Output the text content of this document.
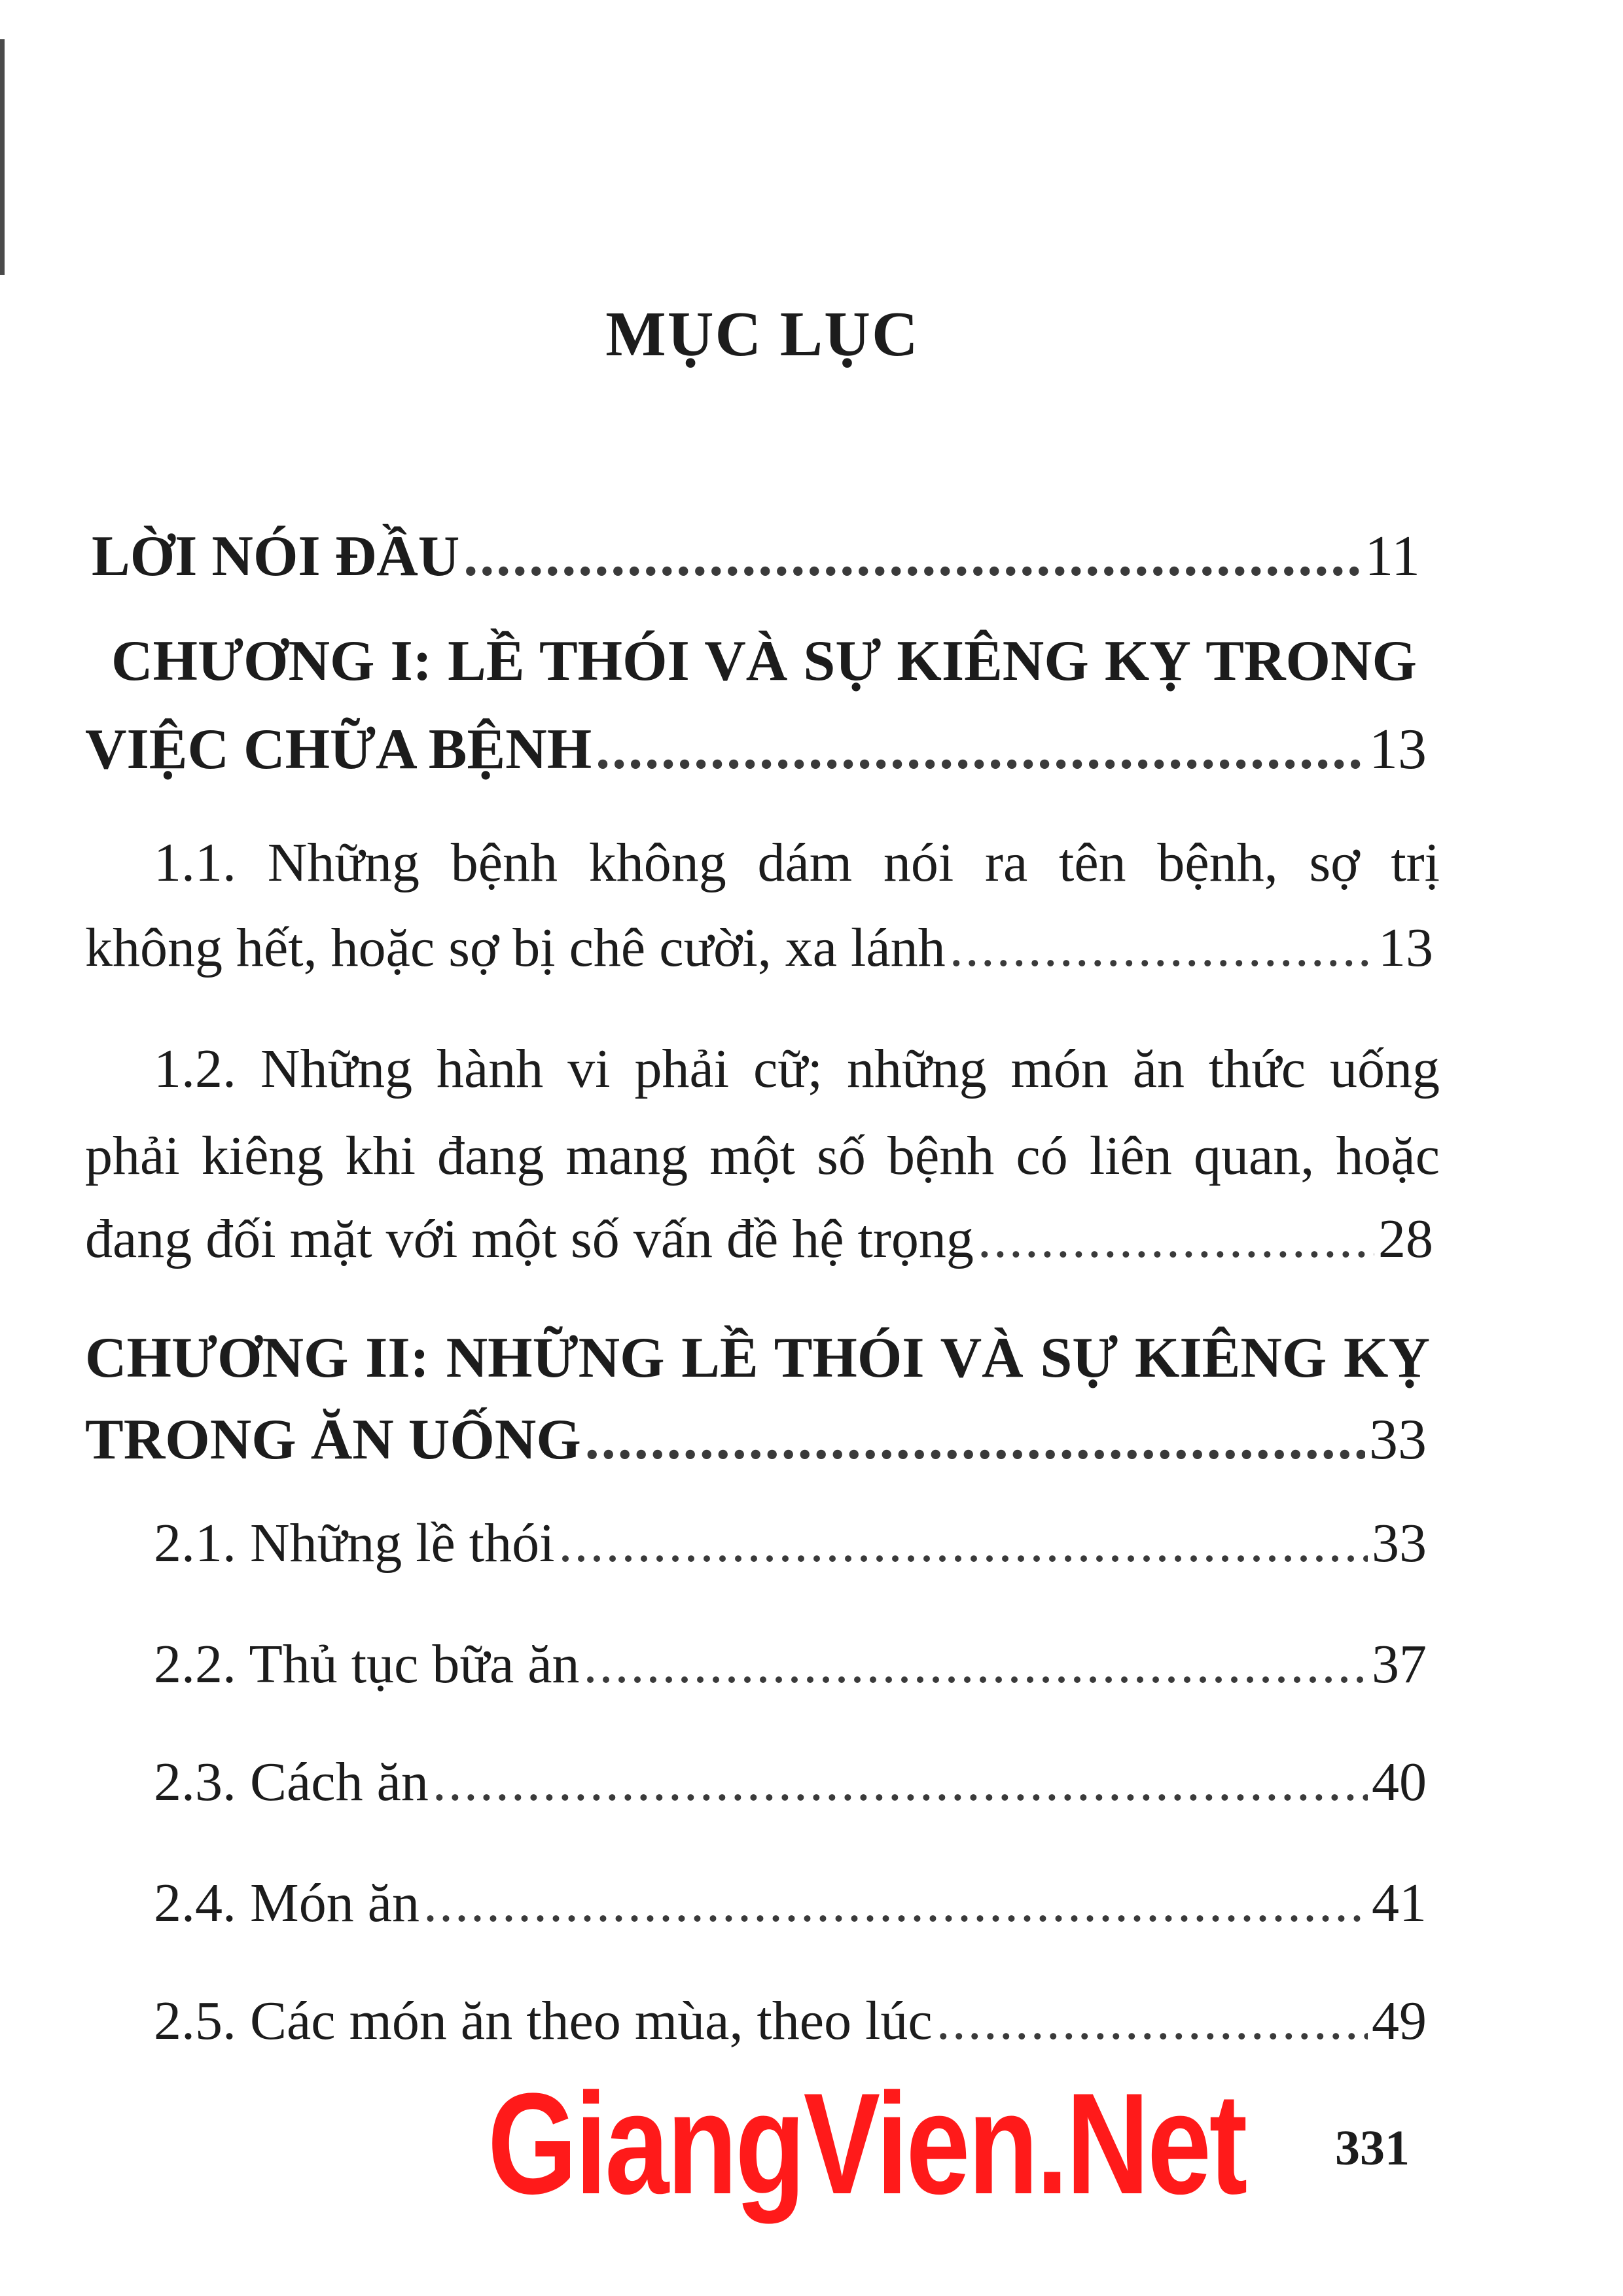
MỤC LỤC
LỜI NÓI ĐẦU .....	11
CHƯƠNG I: LỀ THÓI VÀ SỰ KIÊNG KỴ TRONG
VIỆC CHỮA BỆNH .....	13
1.1. Những bệnh không dám nói ra tên bệnh, sợ trị
không hết, hoặc sợ bị chê cười, xa lánh .....	13
1.2. Những hành vi phải cữ; những món ăn thức uống
phải kiêng khi đang mang một số bệnh có liên quan, hoặc
đang đối mặt với một số vấn đề hệ trọng .....	28
CHƯƠNG II: NHỮNG LỀ THÓI VÀ SỰ KIÊNG KỴ
TRONG ĂN UỐNG .....	33
2.1. Những lề thói .....	33
2.2. Thủ tục bữa ăn .....	37
2.3. Cách ăn .....	40
2.4. Món ăn .....	41
2.5. Các món ăn theo mùa, theo lúc .....	49
GiangVien.Net 331
